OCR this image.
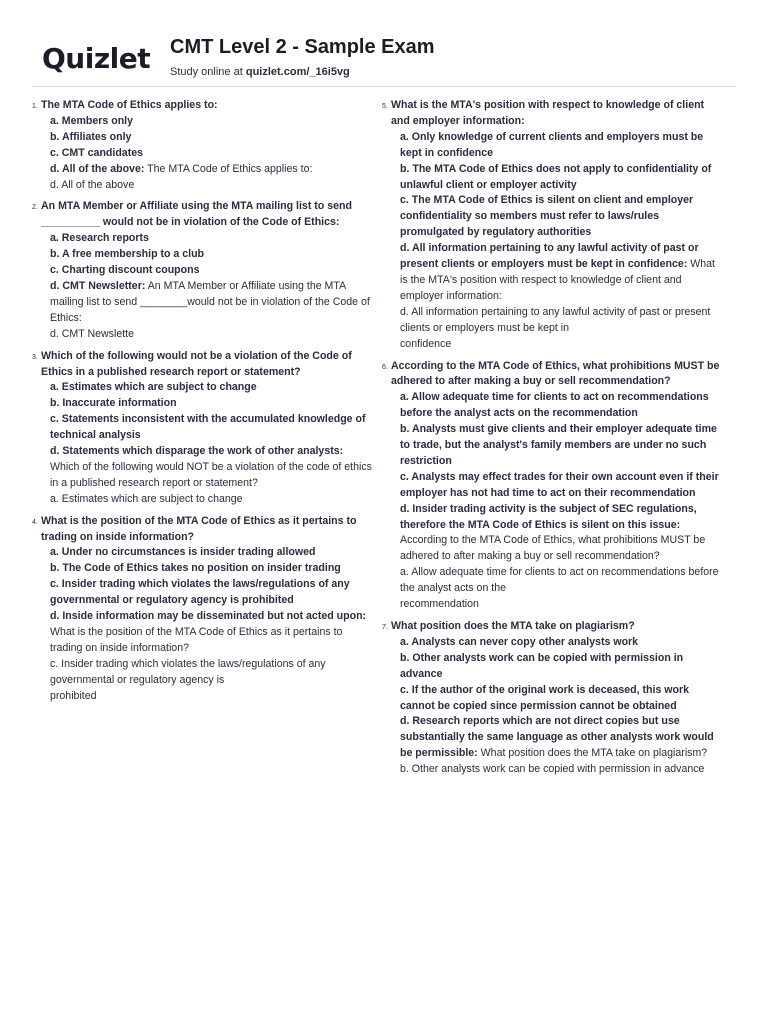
Quizlet CMT Level 2 - Sample Exam
Study online at quizlet.com/_16i5vg
1. The MTA Code of Ethics applies to:
a. Members only
b. Affiliates only
c. CMT candidates
d. All of the above: The MTA Code of Ethics applies to:
d. All of the above
2. An MTA Member or Affiliate using the MTA mailing list to send __________ would not be in violation of the Code of Ethics:
a. Research reports
b. A free membership to a club
c. Charting discount coupons
d. CMT Newsletter: An MTA Member or Affiliate using the MTA mailing list to send ________would not be in violation of the Code of Ethics:
d. CMT Newslette
3. Which of the following would not be a violation of the Code of Ethics in a published research report or statement?
a. Estimates which are subject to change
b. Inaccurate information
c. Statements inconsistent with the accumulated knowledge of technical analysis
d. Statements which disparage the work of other analysts: Which of the following would NOT be a violation of the code of ethics in a published research report or statement?
a. Estimates which are subject to change
4. What is the position of the MTA Code of Ethics as it pertains to trading on inside information?
a. Under no circumstances is insider trading allowed
b. The Code of Ethics takes no position on insider trading
c. Insider trading which violates the laws/regulations of any governmental or regulatory agency is prohibited
d. Inside information may be disseminated but not acted upon: What is the position of the MTA Code of Ethics as it pertains to trading on inside information?
c. Insider trading which violates the laws/regulations of any governmental or regulatory agency is
prohibited
5. What is the MTA's position with respect to knowledge of client and employer information:
a. Only knowledge of current clients and employers must be kept in confidence
b. The MTA Code of Ethics does not apply to confidentiality of unlawful client or employer activity
c. The MTA Code of Ethics is silent on client and employer confidentiality so members must refer to laws/rules promulgated by regulatory authorities
d. All information pertaining to any lawful activity of past or present clients or employers must be kept in confidence: What is the MTA's position with respect to knowledge of client and employer information:
d. All information pertaining to any lawful activity of past or present clients or employers must be kept in
confidence
6. According to the MTA Code of Ethics, what prohibitions MUST be adhered to after making a buy or sell recommendation?
a. Allow adequate time for clients to act on recommendations before the analyst acts on the recommendation
b. Analysts must give clients and their employer adequate time to trade, but the analyst's family members are under no such restriction
c. Analysts may effect trades for their own account even if their employer has not had time to act on their recommendation
d. Insider trading activity is the subject of SEC regulations, therefore the MTA Code of Ethics is silent on this issue: According to the MTA Code of Ethics, what prohibitions MUST be adhered to after making a buy or sell recommendation?
a. Allow adequate time for clients to act on recommendations before the analyst acts on the
recommendation
7. What position does the MTA take on plagiarism?
a. Analysts can never copy other analysts work
b. Other analysts work can be copied with permission in advance
c. If the author of the original work is deceased, this work cannot be copied since permission cannot be obtained
d. Research reports which are not direct copies but use substantially the same language as other analysts work would be permissible: What position does the MTA take on plagiarism?
b. Other analysts work can be copied with permission in advance
